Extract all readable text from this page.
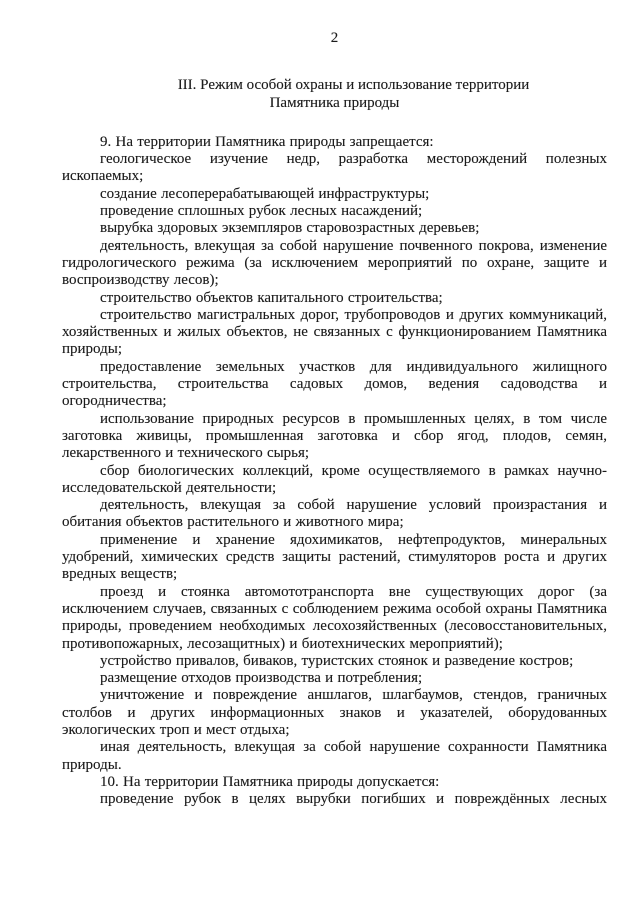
2
III. Режим особой охраны и использование территории
Памятника природы

9. На территории Памятника природы запрещается:

геологическое изучение недр, разработка месторождений полезных ископаемых;

создание лесоперерабатывающей инфраструктуры;

проведение сплошных рубок лесных насаждений;

вырубка здоровых экземпляров старовозрастных деревьев;

деятельность, влекущая за собой нарушение почвенного покрова, изменение гидрологического режима (за исключением мероприятий по охране, защите и воспроизводству лесов);

строительство объектов капитального строительства;

строительство магистральных дорог, трубопроводов и других коммуникаций, хозяйственных и жилых объектов, не связанных с функционированием Памятника природы;

предоставление земельных участков для индивидуального жилищного строительства, строительства садовых домов, ведения садоводства и огородничества;

использование природных ресурсов в промышленных целях, в том числе заготовка живицы, промышленная заготовка и сбор ягод, плодов, семян, лекарственного и технического сырья;

сбор биологических коллекций, кроме осуществляемого в рамках научно-исследовательской деятельности;

деятельность, влекущая за собой нарушение условий произрастания и обитания объектов растительного и животного мира;

применение и хранение ядохимикатов, нефтепродуктов, минеральных удобрений, химических средств защиты растений, стимуляторов роста и других вредных веществ;

проезд и стоянка автомототранспорта вне существующих дорог (за исключением случаев, связанных с соблюдением режима особой охраны Памятника природы, проведением необходимых лесохозяйственных (лесовосстановительных, противопожарных, лесозащитных) и биотехнических мероприятий);

устройство привалов, биваков, туристских стоянок и разведение костров;

размещение отходов производства и потребления;

уничтожение и повреждение аншлагов, шлагбаумов, стендов, граничных столбов и других информационных знаков и указателей, оборудованных экологических троп и мест отдыха;

иная деятельность, влекущая за собой нарушение сохранности Памятника природы.

10. На территории Памятника природы допускается:

проведение рубок в целях вырубки погибших и повреждённых лесных
